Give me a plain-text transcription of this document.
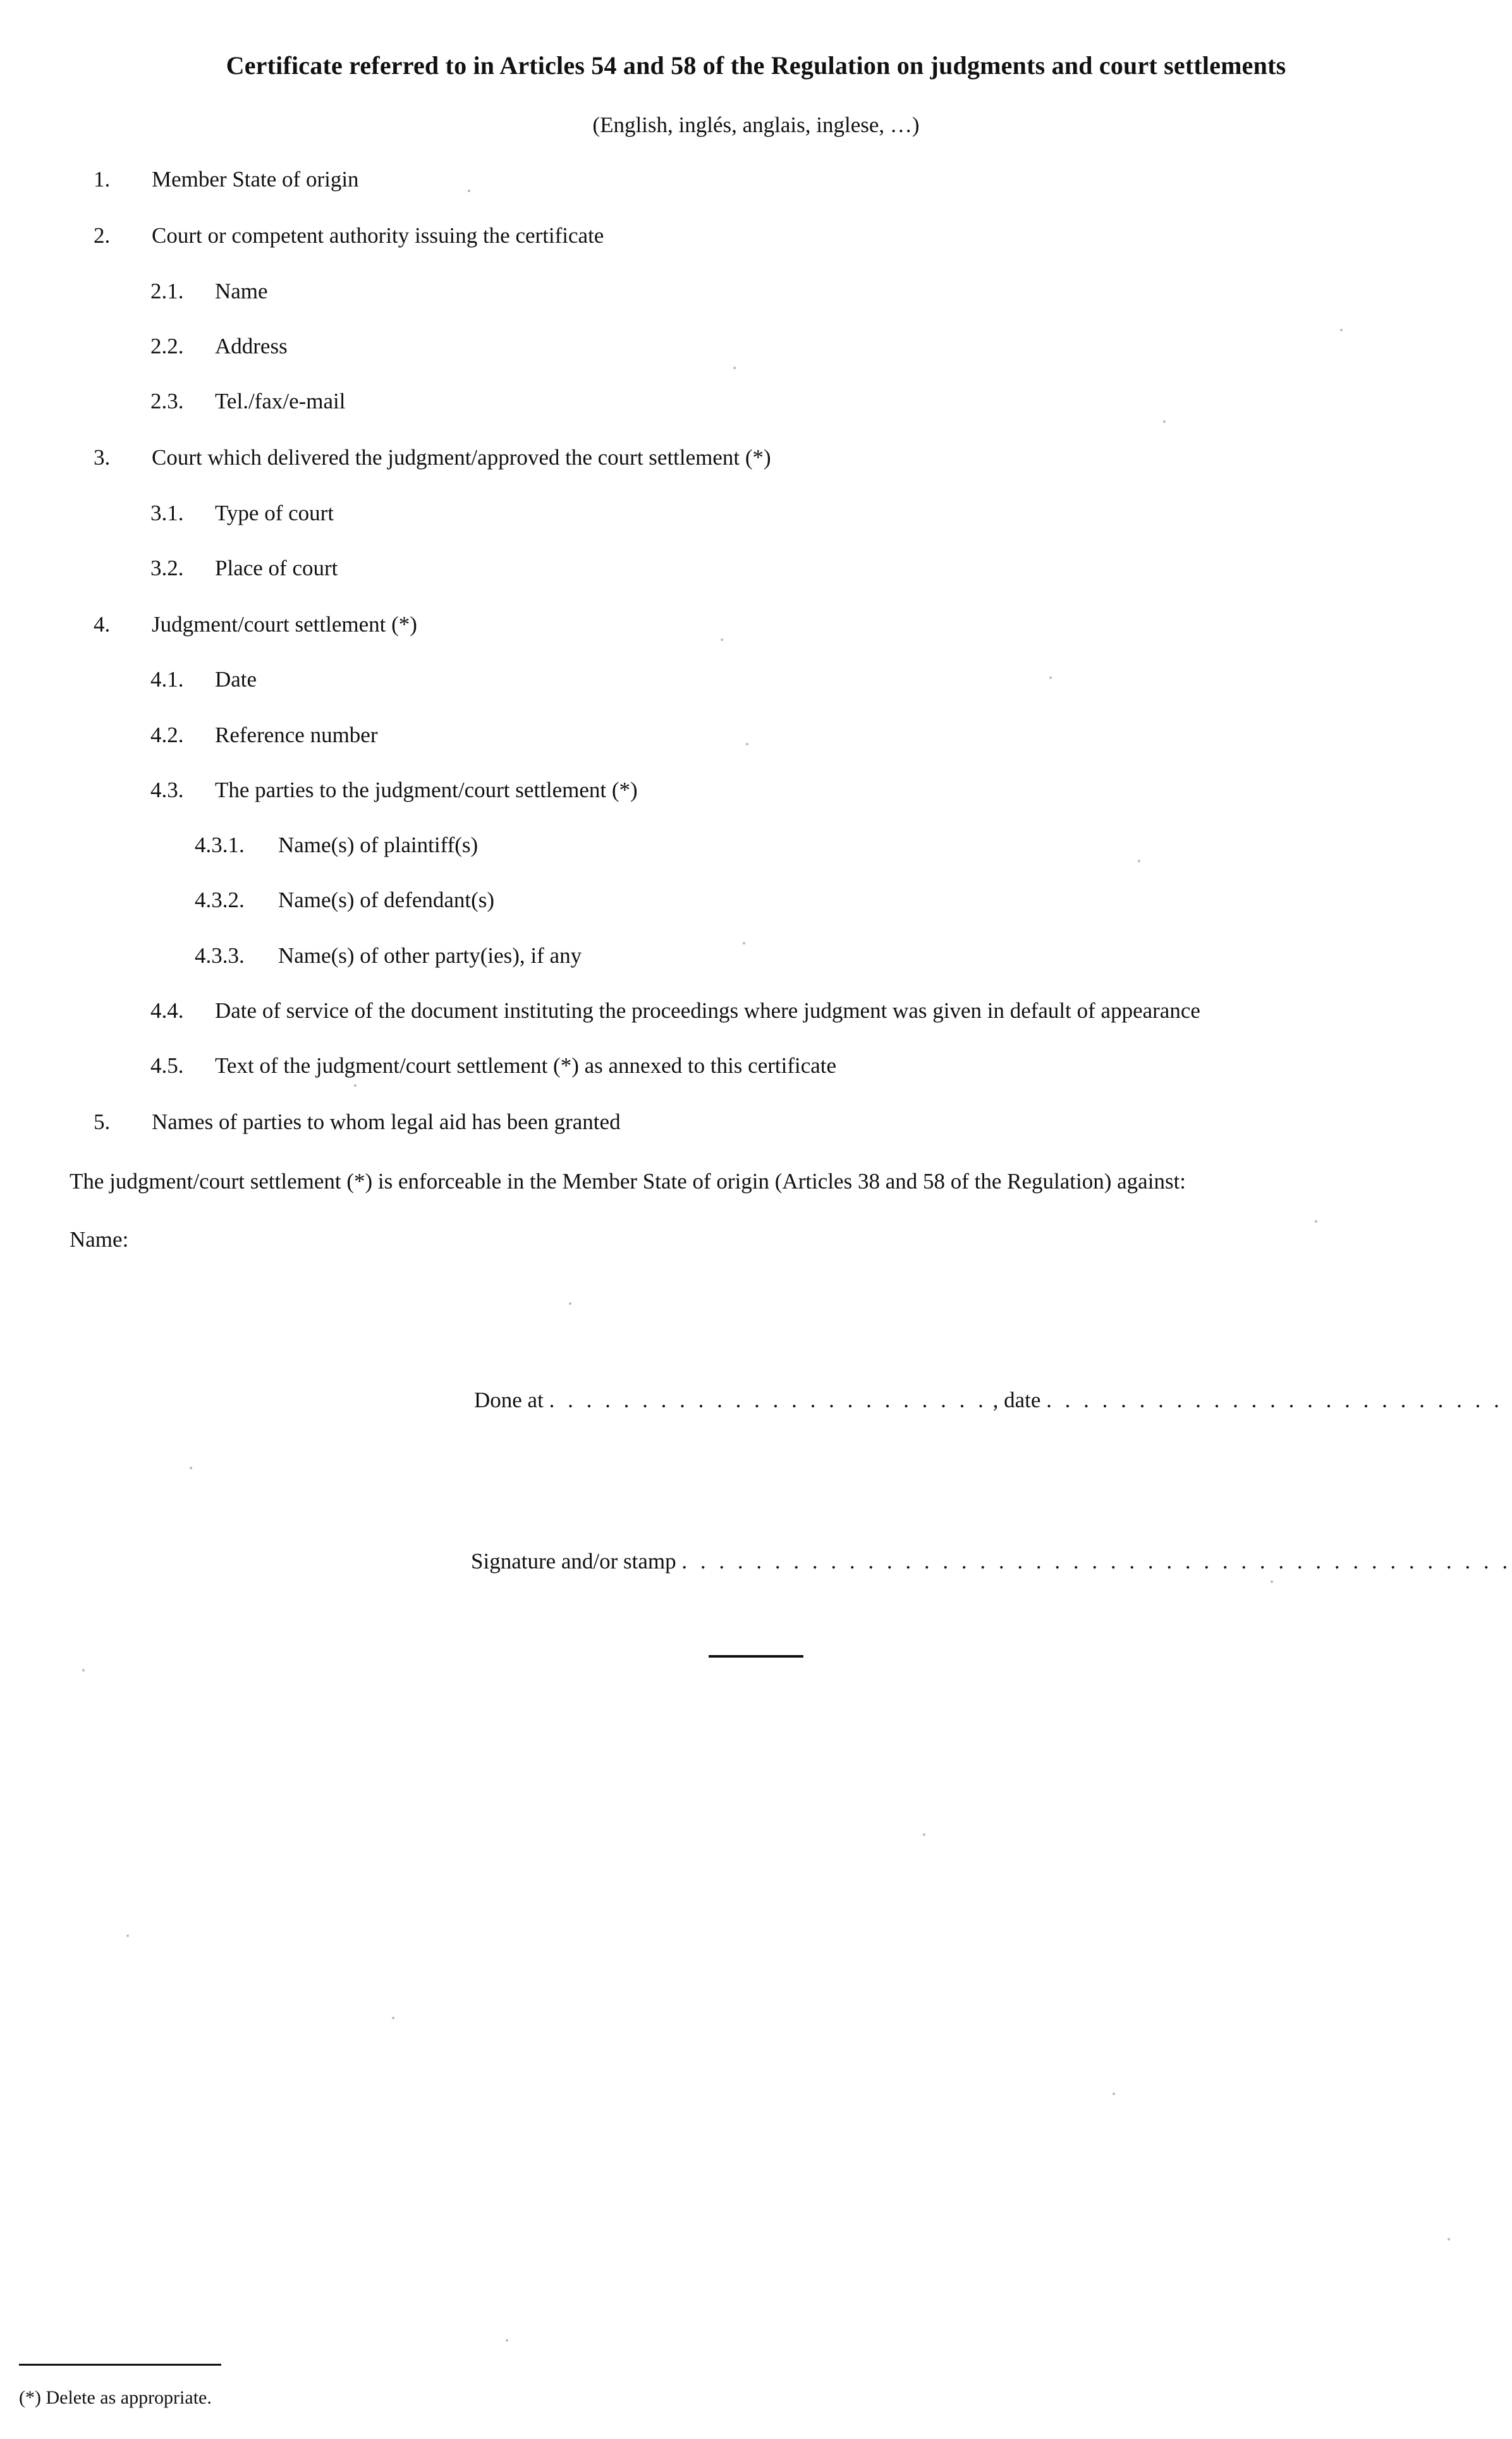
Certificate referred to in Articles 54 and 58 of the Regulation on judgments and court settlements
(English, inglés, anglais, inglese, …)
1.	Member State of origin
2.	Court or competent authority issuing the certificate
2.1.	Name
2.2.	Address
2.3.	Tel./fax/e-mail
3.	Court which delivered the judgment/approved the court settlement (*)
3.1.	Type of court
3.2.	Place of court
4.	Judgment/court settlement (*)
4.1.	Date
4.2.	Reference number
4.3.	The parties to the judgment/court settlement (*)
4.3.1.	Name(s) of plaintiff(s)
4.3.2.	Name(s) of defendant(s)
4.3.3.	Name(s) of other party(ies), if any
4.4.	Date of service of the document instituting the proceedings where judgment was given in default of appearance
4.5.	Text of the judgment/court settlement (*) as annexed to this certificate
5.	Names of parties to whom legal aid has been granted
The judgment/court settlement (*) is enforceable in the Member State of origin (Articles 38 and 58 of the Regulation) against:
Name:
Done at . . . . . . . . . . . . . . . . . . . . . . . . , date . . . . . . . . . . . . . . . . . . . . . . . . .
Signature and/or stamp . . . . . . . . . . . . . . . . . . . . . . . . . . . . . . . . . . . . . . . . . . . . .
(*) Delete as appropriate.
